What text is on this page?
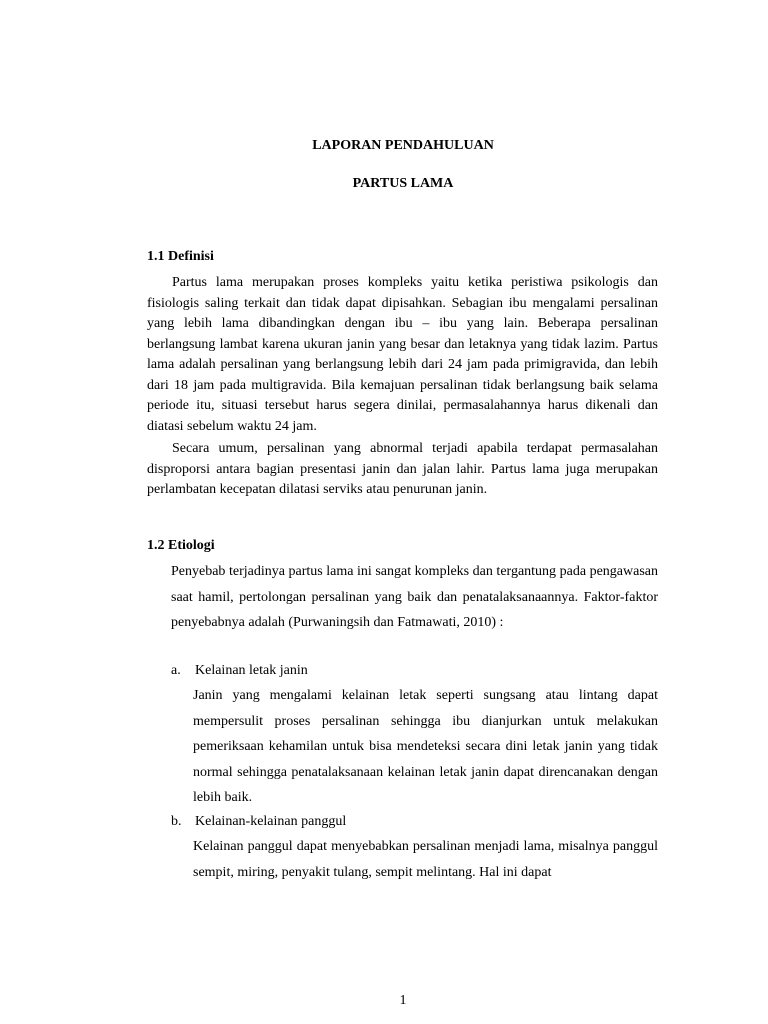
LAPORAN PENDAHULUAN
PARTUS LAMA
1.1 Definisi

Partus lama merupakan proses kompleks yaitu ketika peristiwa psikologis dan fisiologis saling terkait dan tidak dapat dipisahkan. Sebagian ibu mengalami persalinan yang lebih lama dibandingkan dengan ibu – ibu yang lain. Beberapa persalinan berlangsung lambat karena ukuran janin yang besar dan letaknya yang tidak lazim. Partus lama adalah persalinan yang berlangsung lebih dari 24 jam pada primigravida, dan lebih dari 18 jam pada multigravida. Bila kemajuan persalinan tidak berlangsung baik selama periode itu, situasi tersebut harus segera dinilai, permasalahannya harus dikenali dan diatasi sebelum waktu 24 jam.

Secara umum, persalinan yang abnormal terjadi apabila terdapat permasalahan disproporsi antara bagian presentasi janin dan jalan lahir. Partus lama juga merupakan perlambatan kecepatan dilatasi serviks atau penurunan janin.

1.2 Etiologi

Penyebab terjadinya partus lama ini sangat kompleks dan tergantung pada pengawasan saat hamil, pertolongan persalinan yang baik dan penatalaksanaannya. Faktor-faktor penyebabnya adalah (Purwaningsih dan Fatmawati, 2010) :

a. Kelainan letak janin

Janin yang mengalami kelainan letak seperti sungsang atau lintang dapat mempersulit proses persalinan sehingga ibu dianjurkan untuk melakukan pemeriksaan kehamilan untuk bisa mendeteksi secara dini letak janin yang tidak normal sehingga penatalaksanaan kelainan letak janin dapat direncanakan dengan lebih baik.

b. Kelainan-kelainan panggul

Kelainan panggul dapat menyebabkan persalinan menjadi lama, misalnya panggul sempit, miring, penyakit tulang, sempit melintang. Hal ini dapat

1
